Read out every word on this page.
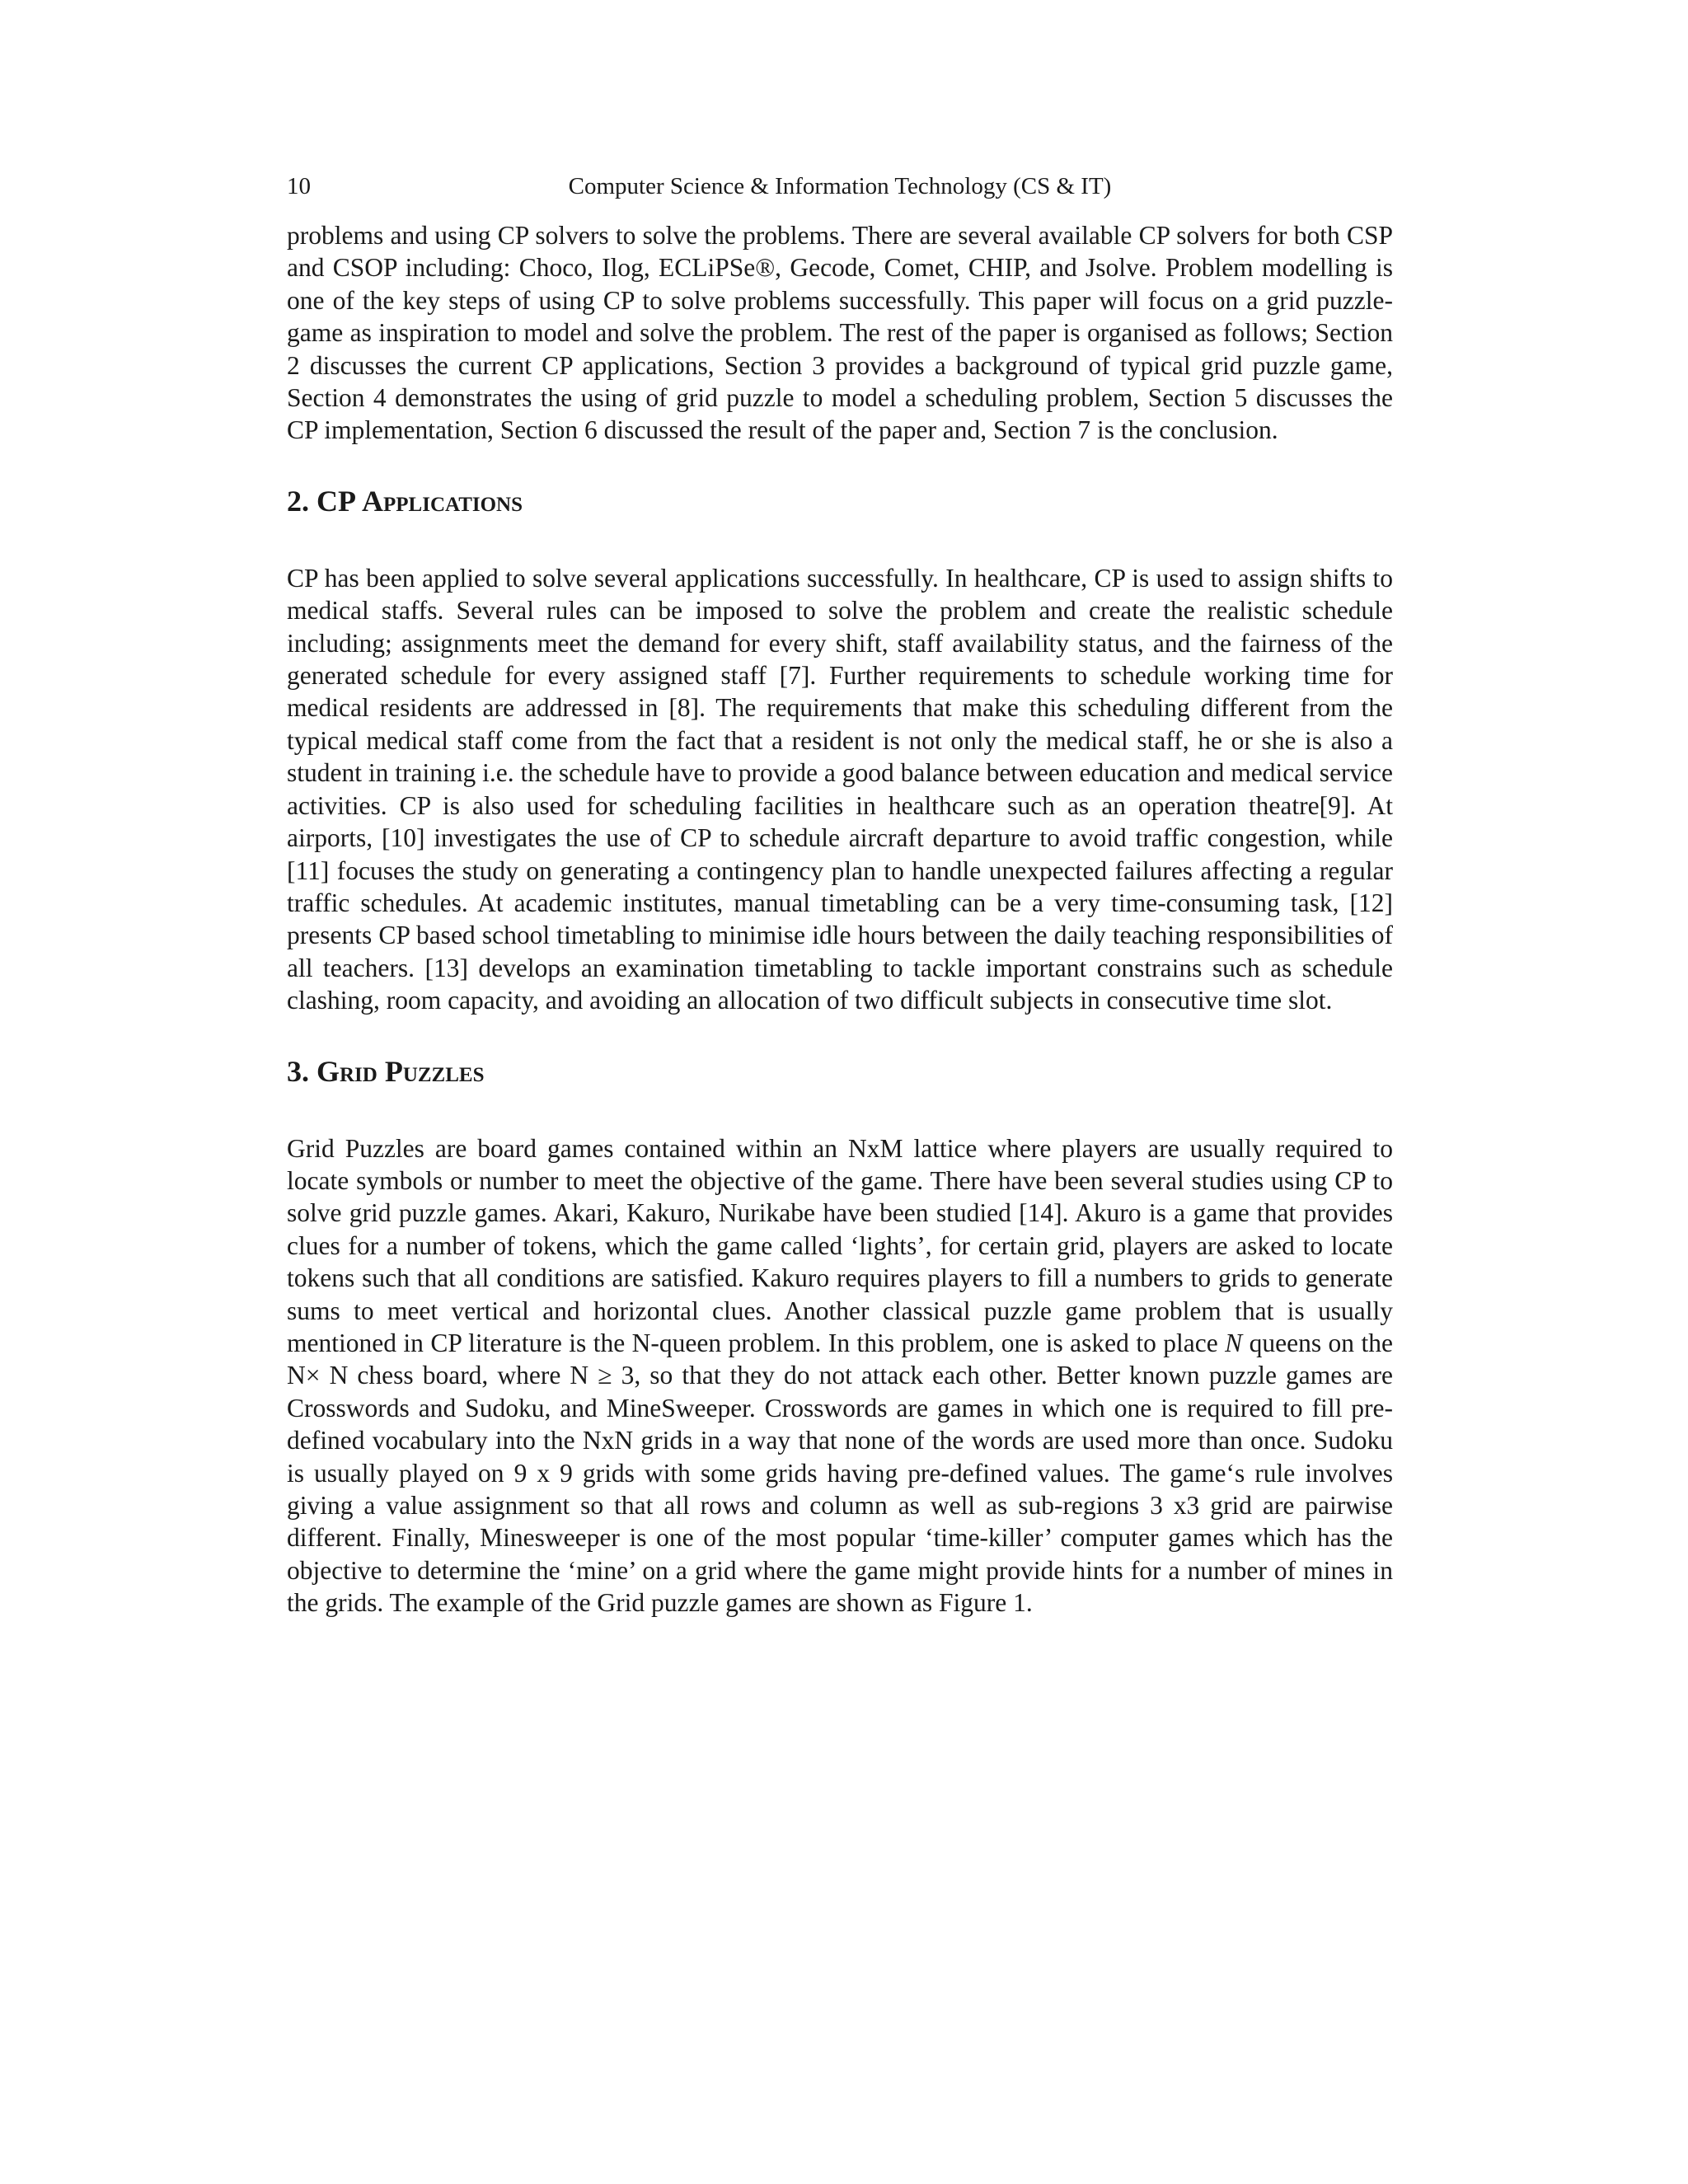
10	Computer Science & Information Technology (CS & IT)

problems and using CP solvers to solve the problems. There are several available CP solvers for both CSP and CSOP including: Choco, Ilog, ECLiPSe®, Gecode, Comet, CHIP, and Jsolve. Problem modelling is one of the key steps of using CP to solve problems successfully. This paper will focus on a grid puzzle-game as inspiration to model and solve the problem. The rest of the paper is organised as follows; Section 2 discusses the current CP applications, Section 3 provides a background of typical grid puzzle game, Section 4 demonstrates the using of grid puzzle to model a scheduling problem, Section 5 discusses the CP implementation, Section 6 discussed the result of the paper and, Section 7 is the conclusion.

2. CP Applications

CP has been applied to solve several applications successfully. In healthcare, CP is used to assign shifts to medical staffs. Several rules can be imposed to solve the problem and create the realistic schedule including; assignments meet the demand for every shift, staff availability status, and the fairness of the generated schedule for every assigned staff [7]. Further requirements to schedule working time for medical residents are addressed in [8]. The requirements that make this scheduling different from the typical medical staff come from the fact that a resident is not only the medical staff, he or she is also a student in training i.e. the schedule have to provide a good balance between education and medical service activities. CP is also used for scheduling facilities in healthcare such as an operation theatre[9]. At airports, [10] investigates the use of CP to schedule aircraft departure to avoid traffic congestion, while [11] focuses the study on generating a contingency plan to handle unexpected failures affecting a regular traffic schedules. At academic institutes, manual timetabling can be a very time-consuming task, [12] presents CP based school timetabling to minimise idle hours between the daily teaching responsibilities of all teachers. [13] develops an examination timetabling to tackle important constrains such as schedule clashing, room capacity, and avoiding an allocation of two difficult subjects in consecutive time slot.

3. Grid Puzzles

Grid Puzzles are board games contained within an NxM lattice where players are usually required to locate symbols or number to meet the objective of the game. There have been several studies using CP to solve grid puzzle games. Akari, Kakuro, Nurikabe have been studied [14]. Akuro is a game that provides clues for a number of tokens, which the game called ‘lights’, for certain grid, players are asked to locate tokens such that all conditions are satisfied. Kakuro requires players to fill a numbers to grids to generate sums to meet vertical and horizontal clues. Another classical puzzle game problem that is usually mentioned in CP literature is the N-queen problem. In this problem, one is asked to place N queens on the N× N chess board, where N ≥ 3, so that they do not attack each other. Better known puzzle games are Crosswords and Sudoku, and MineSweeper. Crosswords are games in which one is required to fill pre-defined vocabulary into the NxN grids in a way that none of the words are used more than once. Sudoku is usually played on 9 x 9 grids with some grids having pre-defined values. The game‘s rule involves giving a value assignment so that all rows and column as well as sub-regions 3 x3 grid are pairwise different. Finally, Minesweeper is one of the most popular ‘time-killer’ computer games which has the objective to determine the ‘mine’ on a grid where the game might provide hints for a number of mines in the grids. The example of the Grid puzzle games are shown as Figure 1.
